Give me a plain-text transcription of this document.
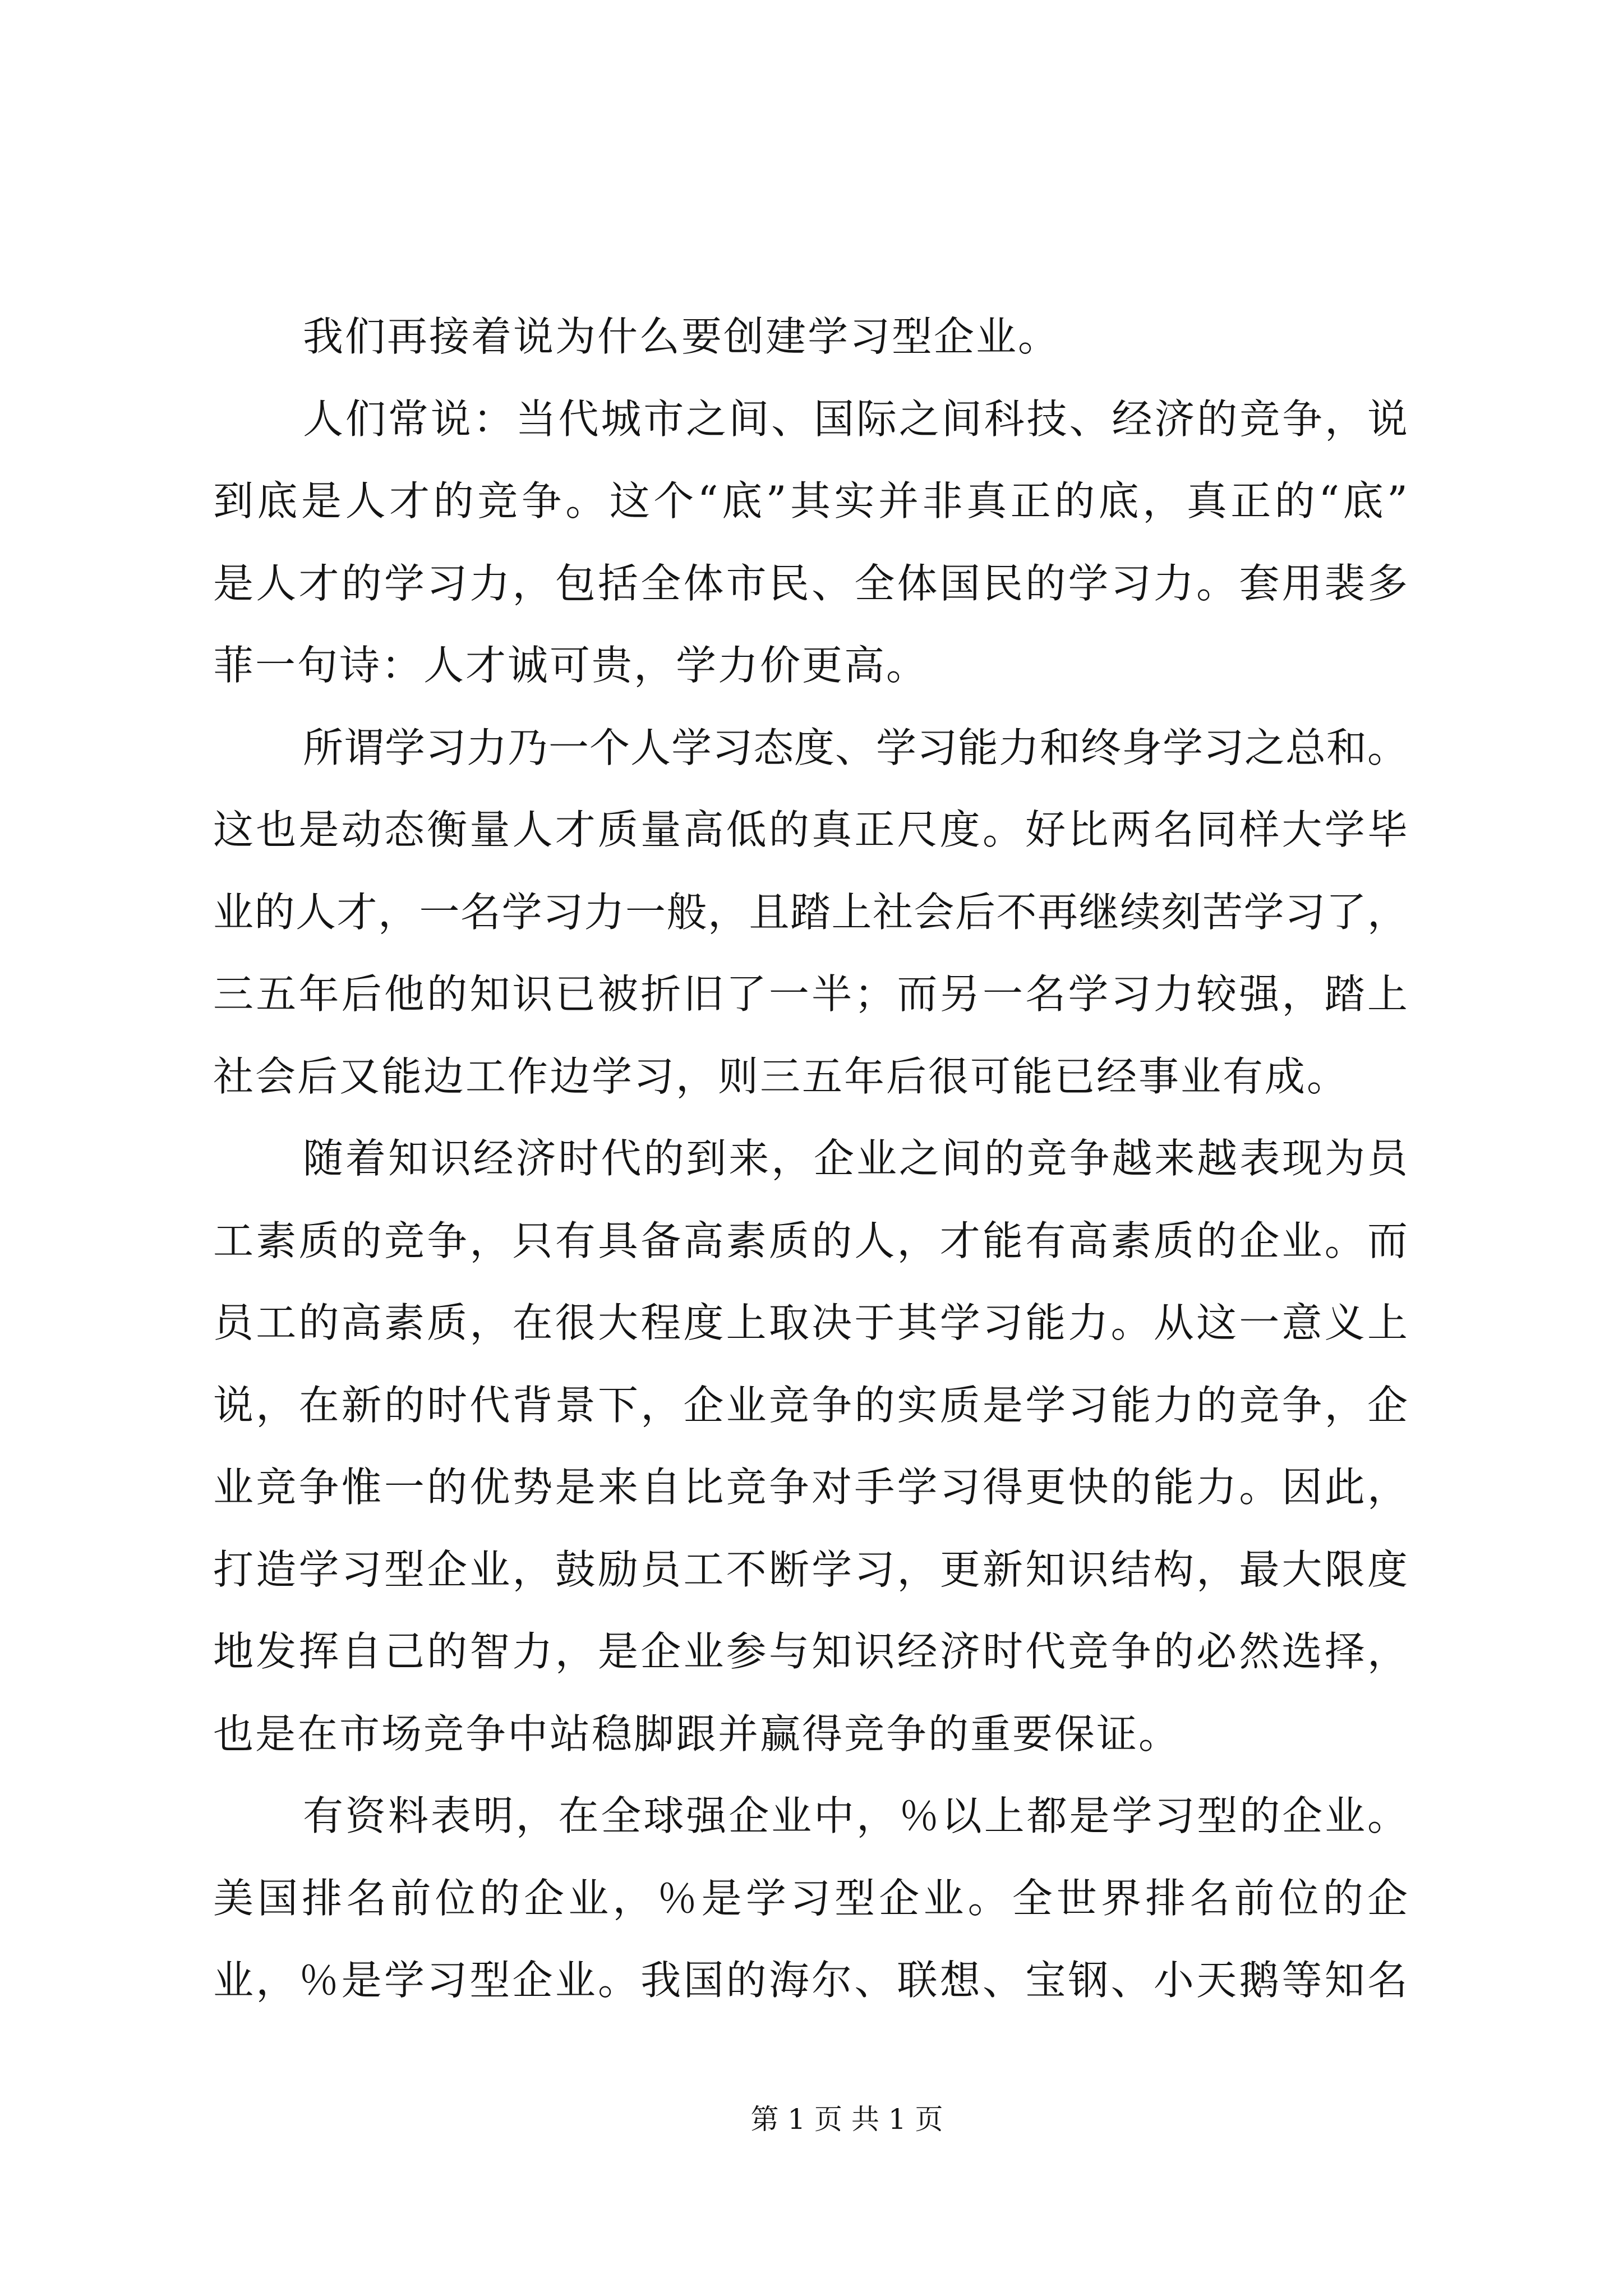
我们再接着说为什么要创建学习型企业。
人们常说：当代城市之间、国际之间科技、经济的竞争，说
到底是人才的竞争。这个“底”其实并非真正的底，真正的“底”
是人才的学习力，包括全体市民、全体国民的学习力。套用裴多
菲一句诗：人才诚可贵，学力价更高。
所谓学习力乃一个人学习态度、学习能力和终身学习之总和。
这也是动态衡量人才质量高低的真正尺度。好比两名同样大学毕
业的人才，一名学习力一般，且踏上社会后不再继续刻苦学习了，
三五年后他的知识已被折旧了一半；而另一名学习力较强，踏上
社会后又能边工作边学习，则三五年后很可能已经事业有成。
随着知识经济时代的到来，企业之间的竞争越来越表现为员
工素质的竞争，只有具备高素质的人，才能有高素质的企业。而
员工的高素质，在很大程度上取决于其学习能力。从这一意义上
说，在新的时代背景下，企业竞争的实质是学习能力的竞争，企
业竞争惟一的优势是来自比竞争对手学习得更快的能力。因此，
打造学习型企业，鼓励员工不断学习，更新知识结构，最大限度
地发挥自己的智力，是企业参与知识经济时代竞争的必然选择，
也是在市场竞争中站稳脚跟并赢得竞争的重要保证。
有资料表明，在全球强企业中，％以上都是学习型的企业。
美国排名前位的企业，％是学习型企业。全世界排名前位的企
业，％是学习型企业。我国的海尔、联想、宝钢、小天鹅等知名
第 1 页 共 1 页
